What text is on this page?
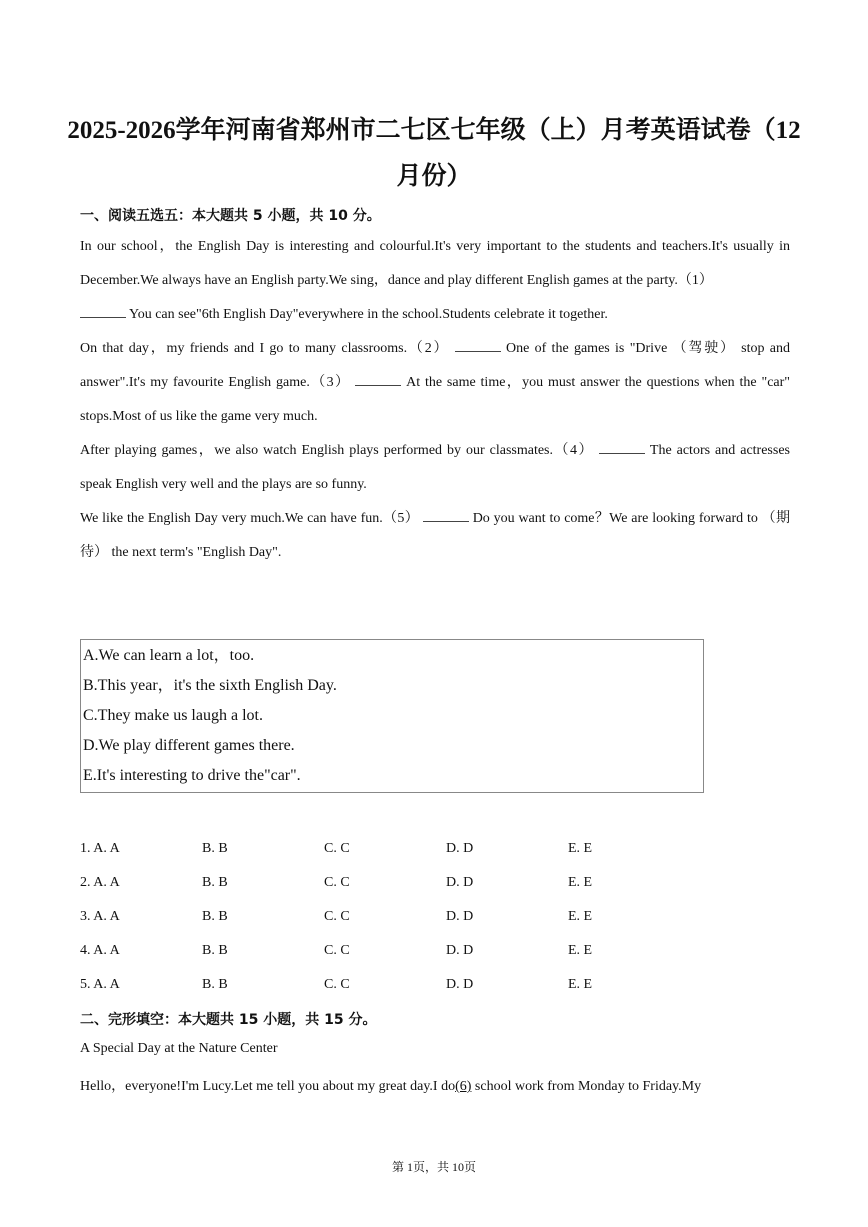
2025-2026学年河南省郑州市二七区七年级（上）月考英语试卷（12
月份）
一、阅读五选五：本大题共 5 小题，共 10 分。

In our school，the English Day is interesting and colourful.It's very important to the students and teachers.It's usually in December.We always have an English party.We sing，dance and play different English games at the party.（1）

You can see"6th English Day"everywhere in the school.Students celebrate it together.

On that day，my friends and I go to many classrooms.（2）	One of the games is "Drive （驾驶） stop and answer".It's my favourite English game.（3）	At the same time，you must answer the questions when the "car" stops.Most of us like the game very much.

After playing games，we also watch English plays performed by our classmates.（4）	The actors and actresses speak English very well and the plays are so funny.

We like the English Day very much.We can have fun.（5）	Do you want to come？We are looking forward to （期待） the next term's "English Day".

A.We can learn a lot，too.
B.This year，it's the sixth English Day.
C.They make us laugh a lot.
D.We play different games there.
E.It's interesting to drive the"car".
1. A. A	B. B	C. C	D. D	E. E
2. A. A	B. B	C. C	D. D	E. E
3. A. A	B. B	C. C	D. D	E. E
4. A. A	B. B	C. C	D. D	E. E
5. A. A	B. B	C. C	D. D	E. E
二、完形填空：本大题共 15 小题，共 15 分。
A Special Day at the Nature Center
Hello，everyone!I'm Lucy.Let me tell you about my great day.I do(6) school work from Monday to Friday.My
第 1页，共 10页
